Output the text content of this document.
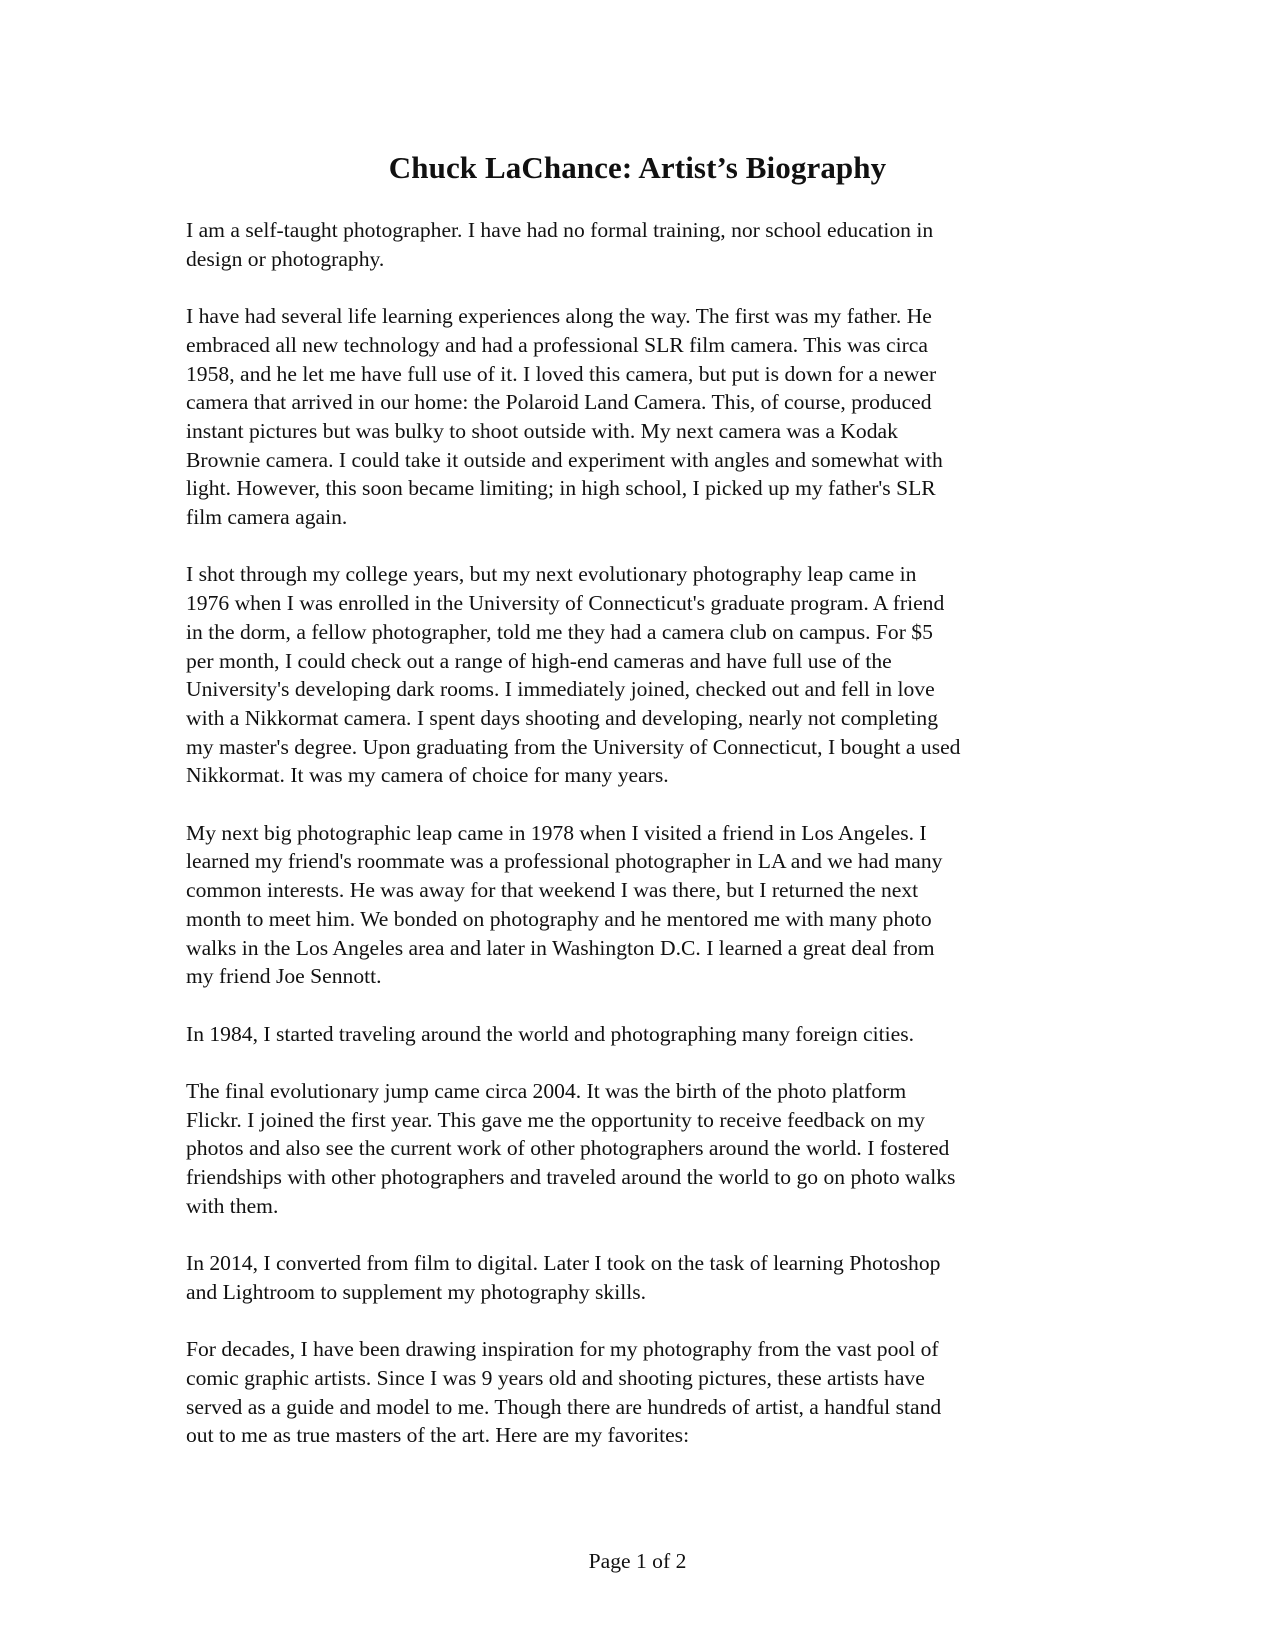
Chuck LaChance: Artist’s Biography

I am a self-taught photographer. I have had no formal training, nor school education in
design or photography.

I have had several life learning experiences along the way. The first was my father. He
embraced all new technology and had a professional SLR film camera. This was circa
1958, and he let me have full use of it. I loved this camera, but put is down for a newer
camera that arrived in our home: the Polaroid Land Camera. This, of course, produced
instant pictures but was bulky to shoot outside with. My next camera was a Kodak
Brownie camera. I could take it outside and experiment with angles and somewhat with
light. However, this soon became limiting; in high school, I picked up my father's SLR
film camera again.

I shot through my college years, but my next evolutionary photography leap came in
1976 when I was enrolled in the University of Connecticut's graduate program. A friend
in the dorm, a fellow photographer, told me they had a camera club on campus. For $5
per month, I could check out a range of high-end cameras and have full use of the
University's developing dark rooms. I immediately joined, checked out and fell in love
with a Nikkormat camera. I spent days shooting and developing, nearly not completing
my master's degree. Upon graduating from the University of Connecticut, I bought a used
Nikkormat. It was my camera of choice for many years.

My next big photographic leap came in 1978 when I visited a friend in Los Angeles. I
learned my friend's roommate was a professional photographer in LA and we had many
common interests. He was away for that weekend I was there, but I returned the next
month to meet him. We bonded on photography and he mentored me with many photo
walks in the Los Angeles area and later in Washington D.C. I learned a great deal from
my friend Joe Sennott.

In 1984, I started traveling around the world and photographing many foreign cities.

The final evolutionary jump came circa 2004. It was the birth of the photo platform
Flickr. I joined the first year. This gave me the opportunity to receive feedback on my
photos and also see the current work of other photographers around the world. I fostered
friendships with other photographers and traveled around the world to go on photo walks
with them.

In 2014, I converted from film to digital. Later I took on the task of learning Photoshop
and Lightroom to supplement my photography skills.

For decades, I have been drawing inspiration for my photography from the vast pool of
comic graphic artists. Since I was 9 years old and shooting pictures, these artists have
served as a guide and model to me. Though there are hundreds of artist, a handful stand
out to me as true masters of the art. Here are my favorites:

Page 1 of 2
